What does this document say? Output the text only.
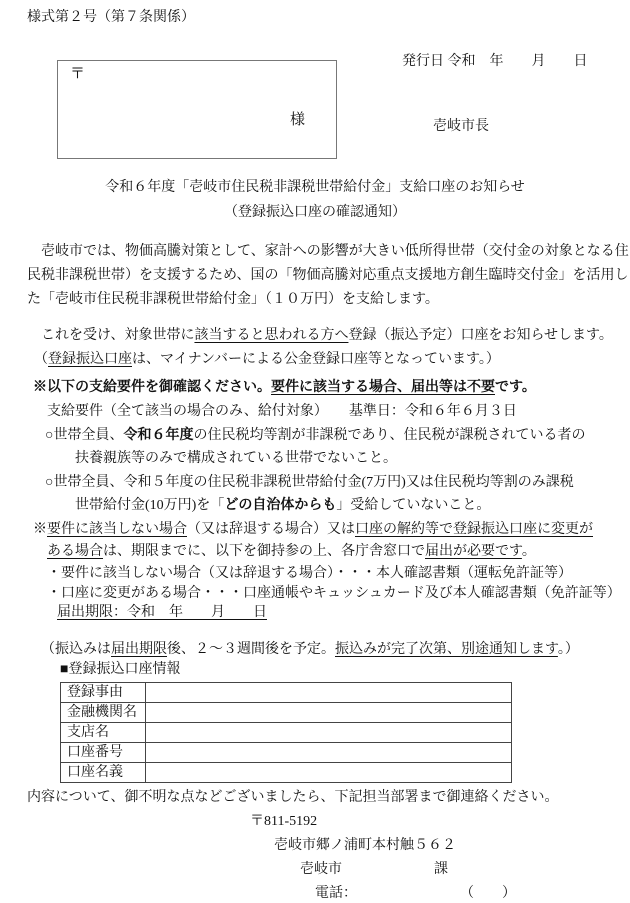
様式第２号（第７条関係）
〒
様
発行日 令和　年　　月　　日
壱岐市長
令和６年度「壱岐市住民税非課税世帯給付金」支給口座のお知らせ
（登録振込口座の確認通知）
　壱岐市では、物価高騰対策として、家計への影響が大きい低所得世帯（交付金の対象となる住
民税非課税世帯）を支援するため、国の「物価高騰対応重点支援地方創生臨時交付金」を活用し
た「壱岐市住民税非課税世帯給付金」（１０万円）を支給します。
　これを受け、対象世帯に該当すると思われる方へ登録（振込予定）口座をお知らせします。
　（登録振込口座は、マイナンバーによる公金登録口座等となっています。）
※以下の支給要件を御確認ください。要件に該当する場合、届出等は不要です。
支給要件（全て該当の場合のみ、給付対象）　　基準日：令和６年６月３日
○世帯全員、令和６年度の住民税均等割が非課税であり、住民税が課税されている者の
扶養親族等のみで構成されている世帯でないこと。
○世帯全員、令和５年度の住民税非課税世帯給付金(7万円)又は住民税均等割のみ課税
世帯給付金(10万円)を「どの自治体からも」受給していないこと。
※要件に該当しない場合（又は辞退する場合）又は口座の解約等で登録振込口座に変更が
ある場合は、期限までに、以下を御持参の上、各庁舎窓口で届出が必要です。
・要件に該当しない場合（又は辞退する場合）・・・本人確認書類（運転免許証等）
・口座に変更がある場合・・・口座通帳やキュッシュカード及び本人確認書類（免許証等）
届出期限：令和　年　　月　　日
（振込みは届出期限後、２～３週間後を予定。振込みが完了次第、別途通知します。）
■登録振込口座情報
登録事由	
金融機関名	
支店名	
口座番号	
口座名義	
内容について、御不明な点などございましたら、下記担当部署まで御連絡ください。
〒811-5192
壱岐市郷ノ浦町本村触５６２
壱岐市	課
電話：	（　　）
